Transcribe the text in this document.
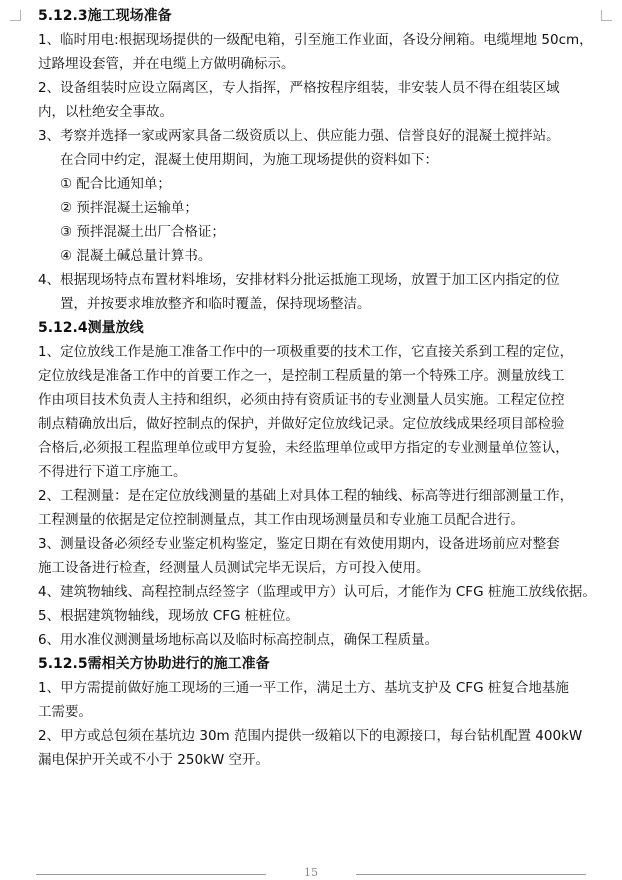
5.12.3施工现场准备
1、临时用电:根据现场提供的一级配电箱，引至施工作业面，各设分闸箱。电缆埋地 50cm，
过路埋设套管，并在电缆上方做明确标示。
2、设备组装时应设立隔离区，专人指挥，严格按程序组装，非安装人员不得在组装区域
内，以杜绝安全事故。
3、考察并选择一家或两家具备二级资质以上、供应能力强、信誉良好的混凝土搅拌站。
在合同中约定，混凝土使用期间，为施工现场提供的资料如下：
① 配合比通知单；
② 预拌混凝土运输单；
③ 预拌混凝土出厂合格证；
④ 混凝土碱总量计算书。
4、根据现场特点布置材料堆场，安排材料分批运抵施工现场，放置于加工区内指定的位
置，并按要求堆放整齐和临时覆盖，保持现场整洁。
5.12.4测量放线
1、定位放线工作是施工准备工作中的一项极重要的技术工作，它直接关系到工程的定位，
定位放线是准备工作中的首要工作之一，是控制工程质量的第一个特殊工序。测量放线工
作由项目技术负责人主持和组织，必须由持有资质证书的专业测量人员实施。工程定位控
制点精确放出后，做好控制点的保护，并做好定位放线记录。定位放线成果经项目部检验
合格后,必须报工程监理单位或甲方复验，未经监理单位或甲方指定的专业测量单位签认，
不得进行下道工序施工。
2、工程测量：是在定位放线测量的基础上对具体工程的轴线、标高等进行细部测量工作，
工程测量的依据是定位控制测量点，其工作由现场测量员和专业施工员配合进行。
3、测量设备必须经专业鉴定机构鉴定，鉴定日期在有效使用期内，设备进场前应对整套
施工设备进行检查，经测量人员测试完毕无误后，方可投入使用。
4、建筑物轴线、高程控制点经签字（监理或甲方）认可后，才能作为 CFG 桩施工放线依据。
5、根据建筑物轴线，现场放 CFG 桩桩位。
6、用水准仪测测量场地标高以及临时标高控制点，确保工程质量。
5.12.5需相关方协助进行的施工准备
1、甲方需提前做好施工现场的三通一平工作，满足土方、基坑支护及 CFG 桩复合地基施
工需要。
2、甲方或总包须在基坑边 30m 范围内提供一级箱以下的电源接口，每台钻机配置 400kW
漏电保护开关或不小于 250kW 空开。
15
